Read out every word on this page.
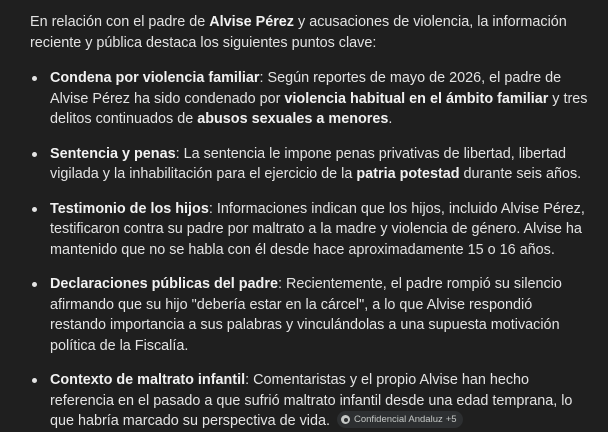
En relación con el padre de Alvise Pérez y acusaciones de violencia, la información reciente y pública destaca los siguientes puntos clave:

Condena por violencia familiar: Según reportes de mayo de 2026, el padre de Alvise Pérez ha sido condenado por violencia habitual en el ámbito familiar y tres delitos continuados de abusos sexuales a menores.
Sentencia y penas: La sentencia le impone penas privativas de libertad, libertad vigilada y la inhabilitación para el ejercicio de la patria potestad durante seis años.
Testimonio de los hijos: Informaciones indican que los hijos, incluido Alvise Pérez, testificaron contra su padre por maltrato a la madre y violencia de género. Alvise ha mantenido que no se habla con él desde hace aproximadamente 15 o 16 años.
Declaraciones públicas del padre: Recientemente, el padre rompió su silencio afirmando que su hijo "debería estar en la cárcel", a lo que Alvise respondió restando importancia a sus palabras y vinculándolas a una supuesta motivación política de la Fiscalía.
Contexto de maltrato infantil: Comentaristas y el propio Alvise han hecho referencia en el pasado a que sufrió maltrato infantil desde una edad temprana, lo que habría marcado su perspectiva de vida.	Confidencial Andaluz +5
